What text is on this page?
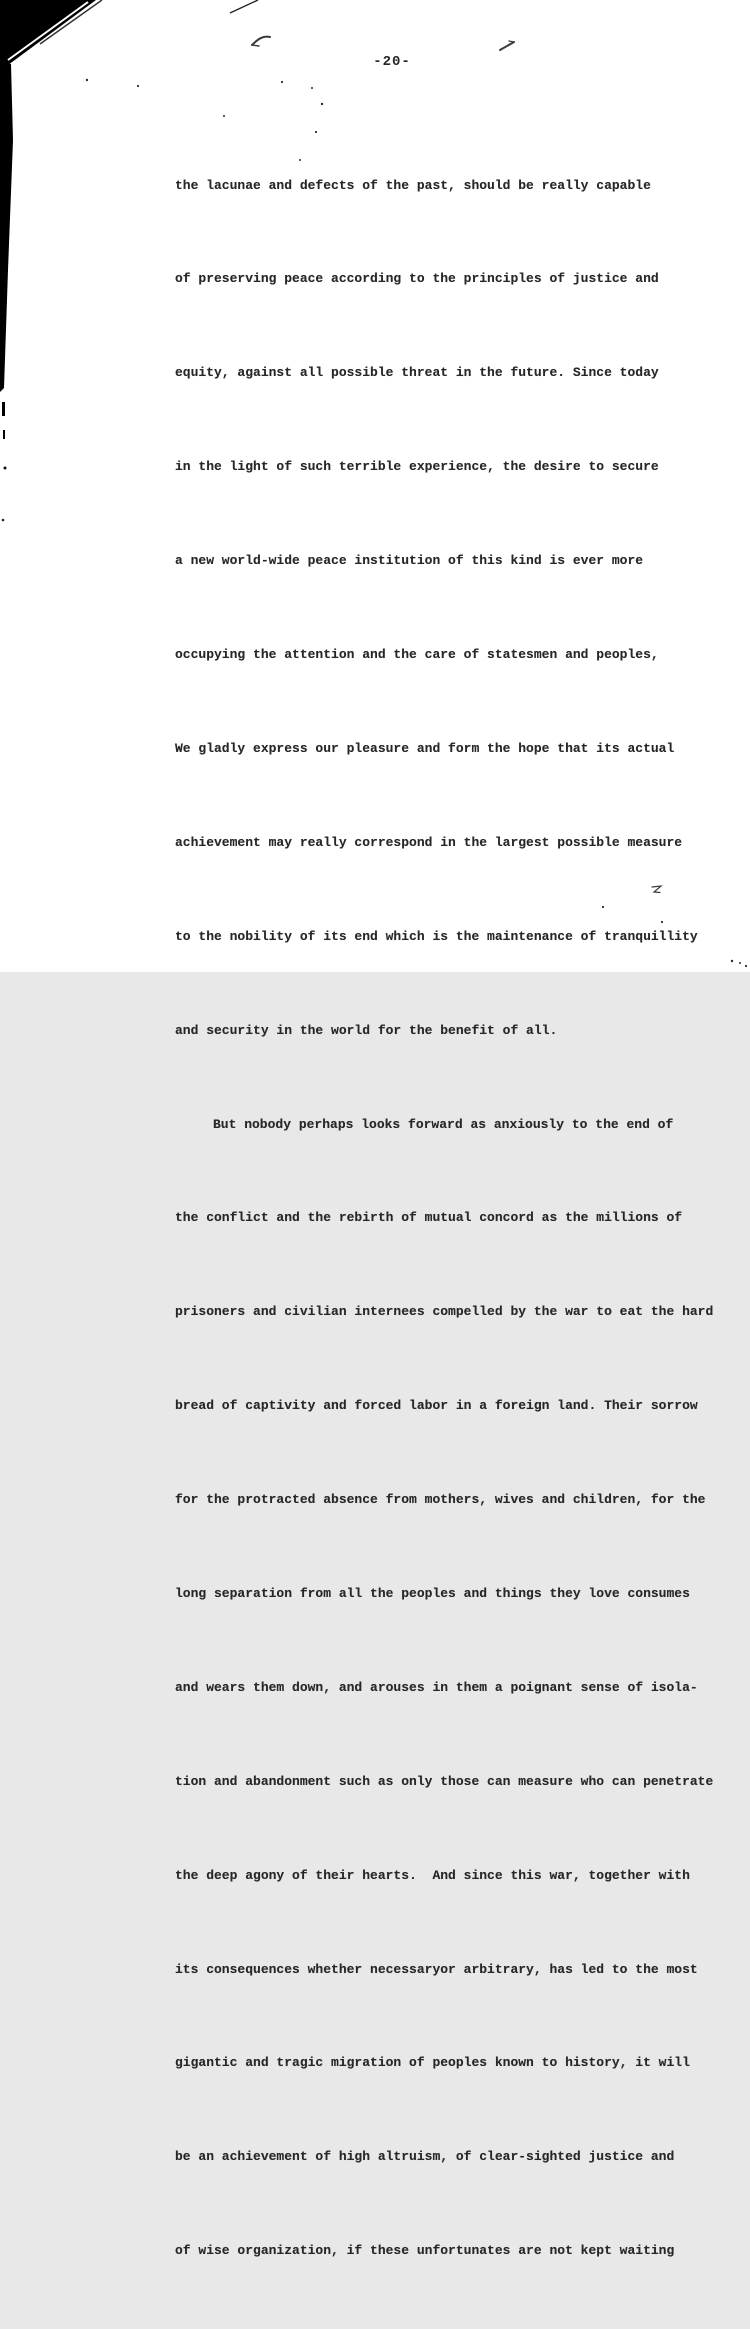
-20-

the lacunae and defects of the past, should be really capable

of preserving peace according to the principles of justice and

equity, against all possible threat in the future. Since today

in the light of such terrible experience, the desire to secure

a new world-wide peace institution of this kind is ever more

occupying the attention and the care of statesmen and peoples,

We gladly express our pleasure and form the hope that its actual

achievement may really correspond in the largest possible measure

to the nobility of its end which is the maintenance of tranquillity

and security in the world for the benefit of all.

But nobody perhaps looks forward as anxiously to the end of

the conflict and the rebirth of mutual concord as the millions of

prisoners and civilian internees compelled by the war to eat the hard

bread of captivity and forced labor in a foreign land. Their sorrow

for the protracted absence from mothers, wives and children, for the

long separation from all the peoples and things they love consumes

and wears them down, and arouses in them a poignant sense of isola-

tion and abandonment such as only those can measure who can penetrate

the deep agony of their hearts.  And since this war, together with

its consequences whether necessaryor arbitrary, has led to the most

gigantic and tragic migration of peoples known to history, it will

be an achievement of high altruism, of clear-sighted justice and

of wise organization, if these unfortunates are not kept waiting
